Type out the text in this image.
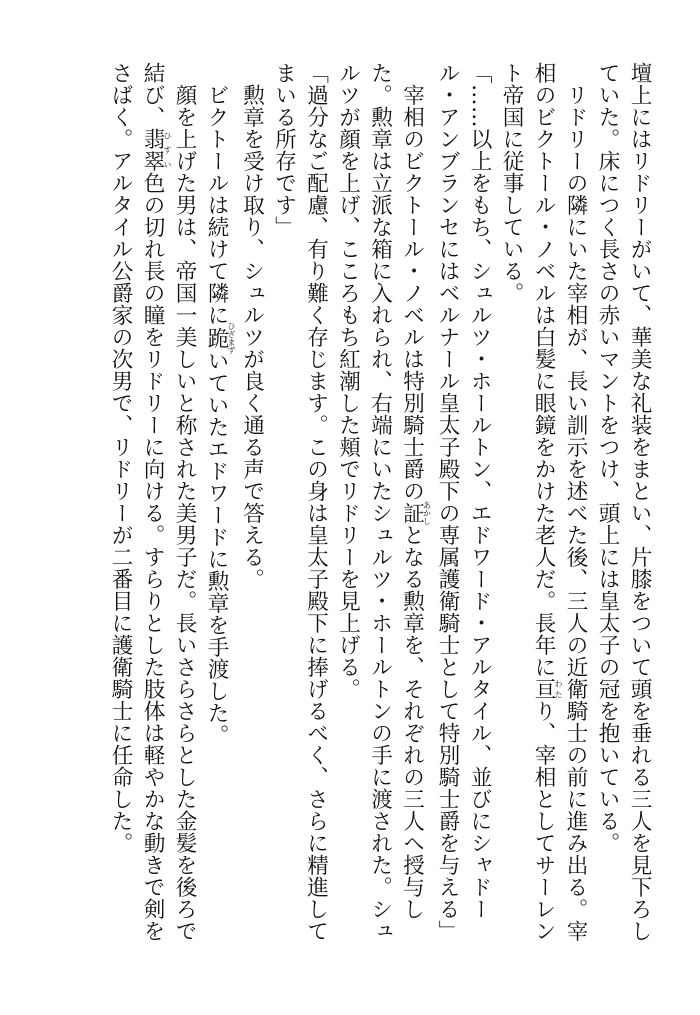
壇上にはリドリーがいて、華美な礼装をまとい、片膝をついて頭を垂れる三人を見下ろしていた。床につく長さの赤いマントをつけ、頭上には皇太子の冠を抱いている。

リドリーの隣にいた宰相が、長い訓示を述べた後、三人の近衛騎士の前に進み出る。宰相のビクトール・ノベルは白髪に眼鏡をかけた老人だ。長年に亘わたり、宰相としてサーレント帝国に従事している。

「……以上をもち、シュルツ・ホールトン、エドワード・アルタイル、並びにシャドール・アンブランセにはベルナール皇太子殿下の専属護衛騎士として特別騎士爵を与える」

宰相のビクトール・ノベルは特別騎士爵の証あかしとなる勲章を、それぞれの三人へ授与した。勲章は立派な箱に入れられ、右端にいたシュルツ・ホールトンの手に渡された。シュルツが顔を上げ、こころもち紅潮した頬でリドリーを見上げる。

「過分なご配慮、有り難く存じます。この身は皇太子殿下に捧げるべく、さらに精進してまいる所存です」

勲章を受け取り、シュルツが良く通る声で答える。

ビクトールは続けて隣に跪ひざまずいていたエドワードに勲章を手渡した。

顔を上げた男は、帝国一美しいと称された美男子だ。長いさらさらとした金髪を後ろで結び、翡翠ひすい色の切れ長の瞳をリドリーに向ける。すらりとした肢体は軽やかな動きで剣をさばく。アルタイル公爵家の次男で、リドリーが二番目に護衛騎士に任命した。
